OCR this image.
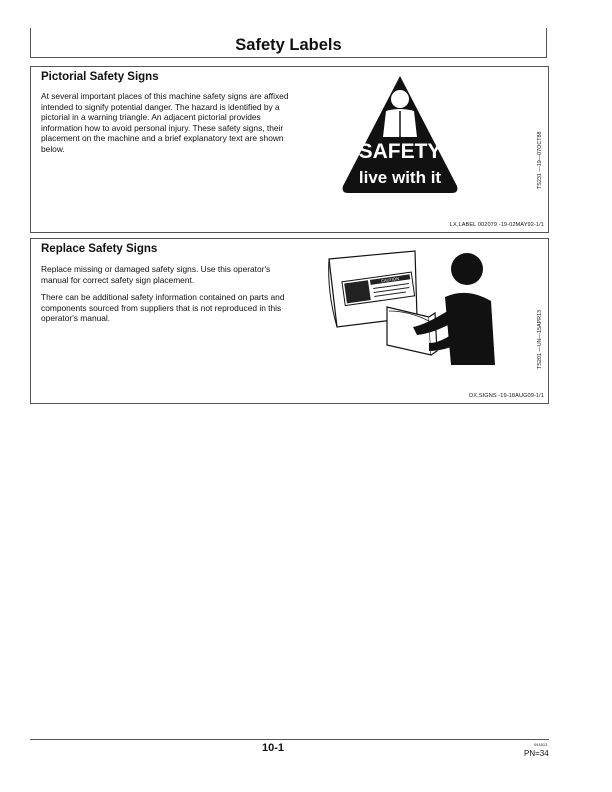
Safety Labels
Pictorial Safety Signs

At several important places of this machine safety signs are affixed intended to signify potential danger. The hazard is identified by a pictorial in a warning triangle. An adjacent pictorial provides information how to avoid personal injury. These safety signs, their placement on the machine and a brief explanatory text are shown below.	SAFETY
live with it	TS231 —19—07OCT88
LX,LABEL 002079 -19-02MAY92-1/1
Replace Safety Signs

Replace missing or damaged safety signs. Use this operator's manual for correct safety sign placement.

There can be additional safety information contained on parts and components sourced from suppliers that is not reproduced in this operator's manual.

CAUTION
TS201 —UN—15APR13
DX,SIGNS -19-18AUG09-1/1
10-1	041613
PN=34
